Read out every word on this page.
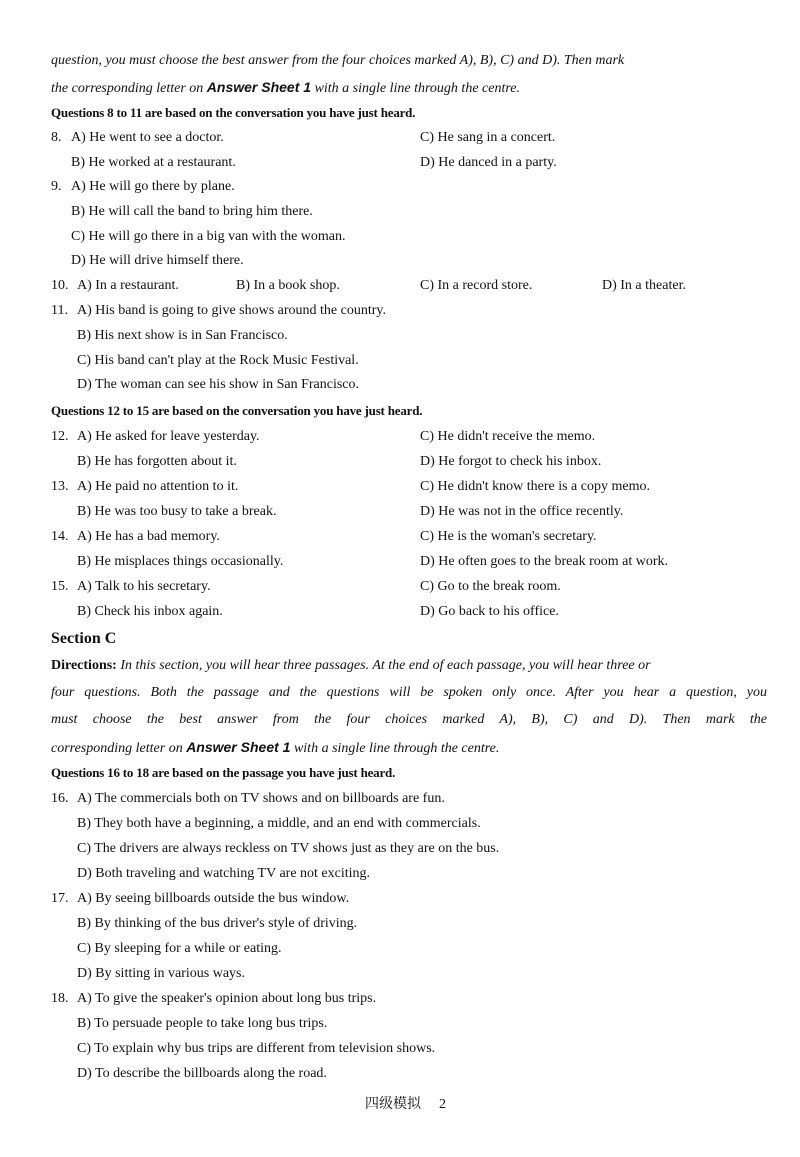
question, you must choose the best answer from the four choices marked A), B), C) and D). Then mark
the corresponding letter on Answer Sheet 1 with a single line through the centre.
Questions 8 to 11 are based on the conversation you have just heard.
8. A) He went to see a doctor.	C) He sang in a concert.
B) He worked at a restaurant.	D) He danced in a party.
9. A) He will go there by plane.
B) He will call the band to bring him there.
C) He will go there in a big van with the woman.
D) He will drive himself there.
10. A) In a restaurant.	B) In a book shop.	C) In a record store.	D) In a theater.
11. A) His band is going to give shows around the country.
B) His next show is in San Francisco.
C) His band can't play at the Rock Music Festival.
D) The woman can see his show in San Francisco.
Questions 12 to 15 are based on the conversation you have just heard.
12. A) He asked for leave yesterday.	C) He didn't receive the memo.
B) He has forgotten about it.	D) He forgot to check his inbox.
13. A) He paid no attention to it.	C) He didn't know there is a copy memo.
B) He was too busy to take a break.	D) He was not in the office recently.
14. A) He has a bad memory.	C) He is the woman's secretary.
B) He misplaces things occasionally.	D) He often goes to the break room at work.
15. A) Talk to his secretary.	C) Go to the break room.
B) Check his inbox again.	D) Go back to his office.
Section C
Directions: In this section, you will hear three passages. At the end of each passage, you will hear three or
four questions. Both the passage and the questions will be spoken only once. After you hear a question, you
must choose the best answer from the four choices marked A), B), C) and D). Then mark the
corresponding letter on Answer Sheet 1 with a single line through the centre.
Questions 16 to 18 are based on the passage you have just heard.
16. A) The commercials both on TV shows and on billboards are fun.
B) They both have a beginning, a middle, and an end with commercials.
C) The drivers are always reckless on TV shows just as they are on the bus.
D) Both traveling and watching TV are not exciting.
17. A) By seeing billboards outside the bus window.
B) By thinking of the bus driver's style of driving.
C) By sleeping for a while or eating.
D) By sitting in various ways.
18. A) To give the speaker's opinion about long bus trips.
B) To persuade people to take long bus trips.
C) To explain why bus trips are different from television shows.
D) To describe the billboards along the road.
四级模拟 2
